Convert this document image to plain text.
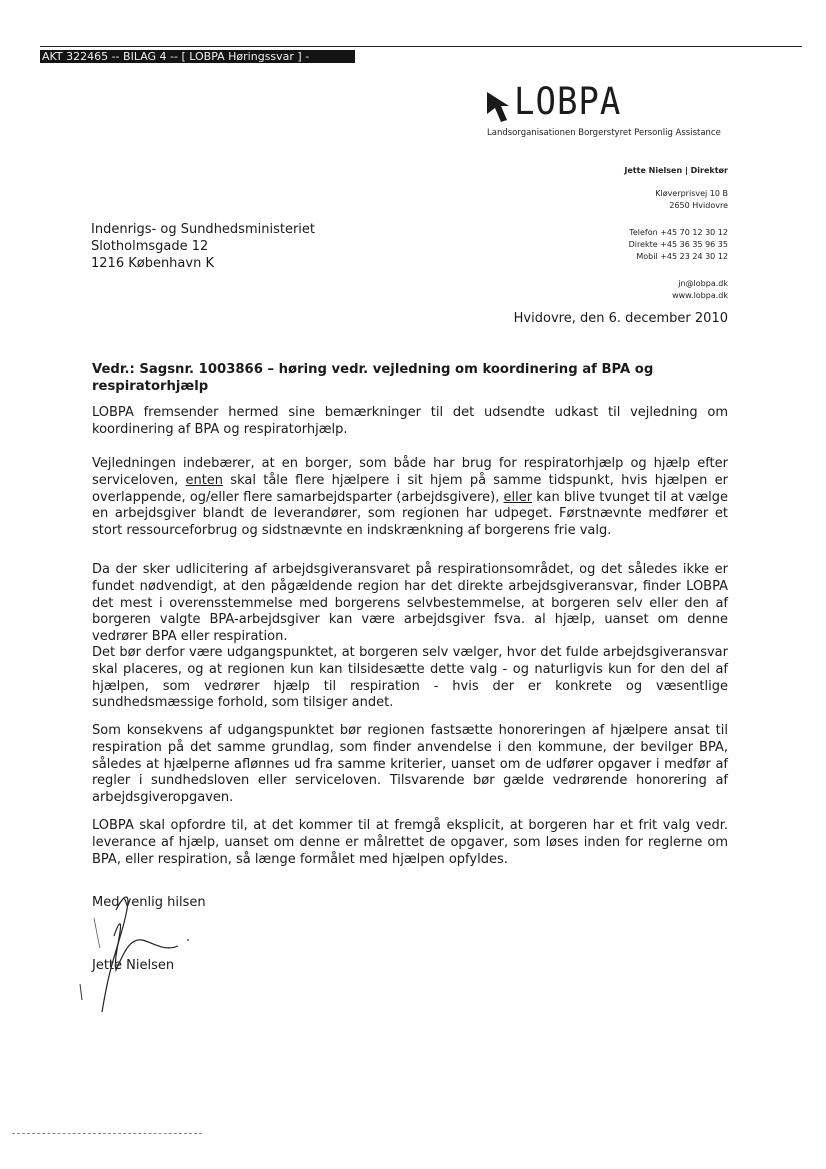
AKT 322465 -- BILAG 4 -- [ LOBPA Høringssvar ] -
LOBPA
Landsorganisationen Borgerstyret Personlig Assistance
Jette Nielsen | Direktør
Kløverprisvej 10 B
2650 Hvidovre
Telefon +45 70 12 30 12
Direkte +45 36 35 96 35
Mobil +45 23 24 30 12
jn@lobpa.dk
www.lobpa.dk
Indenrigs- og Sundhedsministeriet
Slotholmsgade 12
1216 København K
Hvidovre, den 6. december 2010
Vedr.: Sagsnr. 1003866 – høring vedr. vejledning om koordinering af BPA og respiratorhjælp
LOBPA fremsender hermed sine bemærkninger til det udsendte udkast til vejledning om koordinering af BPA og respiratorhjælp.
Vejledningen indebærer, at en borger, som både har brug for respiratorhjælp og hjælp efter serviceloven, enten skal tåle flere hjælpere i sit hjem på samme tidspunkt, hvis hjælpen er overlappende, og/eller flere samarbejdsparter (arbejdsgivere), eller kan blive tvunget til at vælge en arbejdsgiver blandt de leverandører, som regionen har udpeget. Førstnævnte medfører et stort ressourceforbrug og sidstnævnte en indskrænkning af borgerens frie valg.
Da der sker udlicitering af arbejdsgiveransvaret på respirationsområdet, og det således ikke er fundet nødvendigt, at den pågældende region har det direkte arbejdsgiveransvar, finder LOBPA det mest i overensstemmelse med borgerens selvbestemmelse, at borgeren selv eller den af borgeren valgte BPA-arbejdsgiver kan være arbejdsgiver fsva. al hjælp, uanset om denne vedrører BPA eller respiration.
Det bør derfor være udgangspunktet, at borgeren selv vælger, hvor det fulde arbejdsgiveransvar skal placeres, og at regionen kun kan tilsidesætte dette valg - og naturligvis kun for den del af hjælpen, som vedrører hjælp til respiration - hvis der er konkrete og væsentlige sundhedsmæssige forhold, som tilsiger andet.
Som konsekvens af udgangspunktet bør regionen fastsætte honoreringen af hjælpere ansat til respiration på det samme grundlag, som finder anvendelse i den kommune, der bevilger BPA, således at hjælperne aflønnes ud fra samme kriterier, uanset om de udfører opgaver i medfør af regler i sundhedsloven eller serviceloven. Tilsvarende bør gælde vedrørende honorering af arbejdsgiveropgaven.
LOBPA skal opfordre til, at det kommer til at fremgå eksplicit, at borgeren har et frit valg vedr. leverance af hjælp, uanset om denne er målrettet de opgaver, som løses inden for reglerne om BPA, eller respiration, så længe formålet med hjælpen opfyldes.
Med venlig hilsen
Jette Nielsen
